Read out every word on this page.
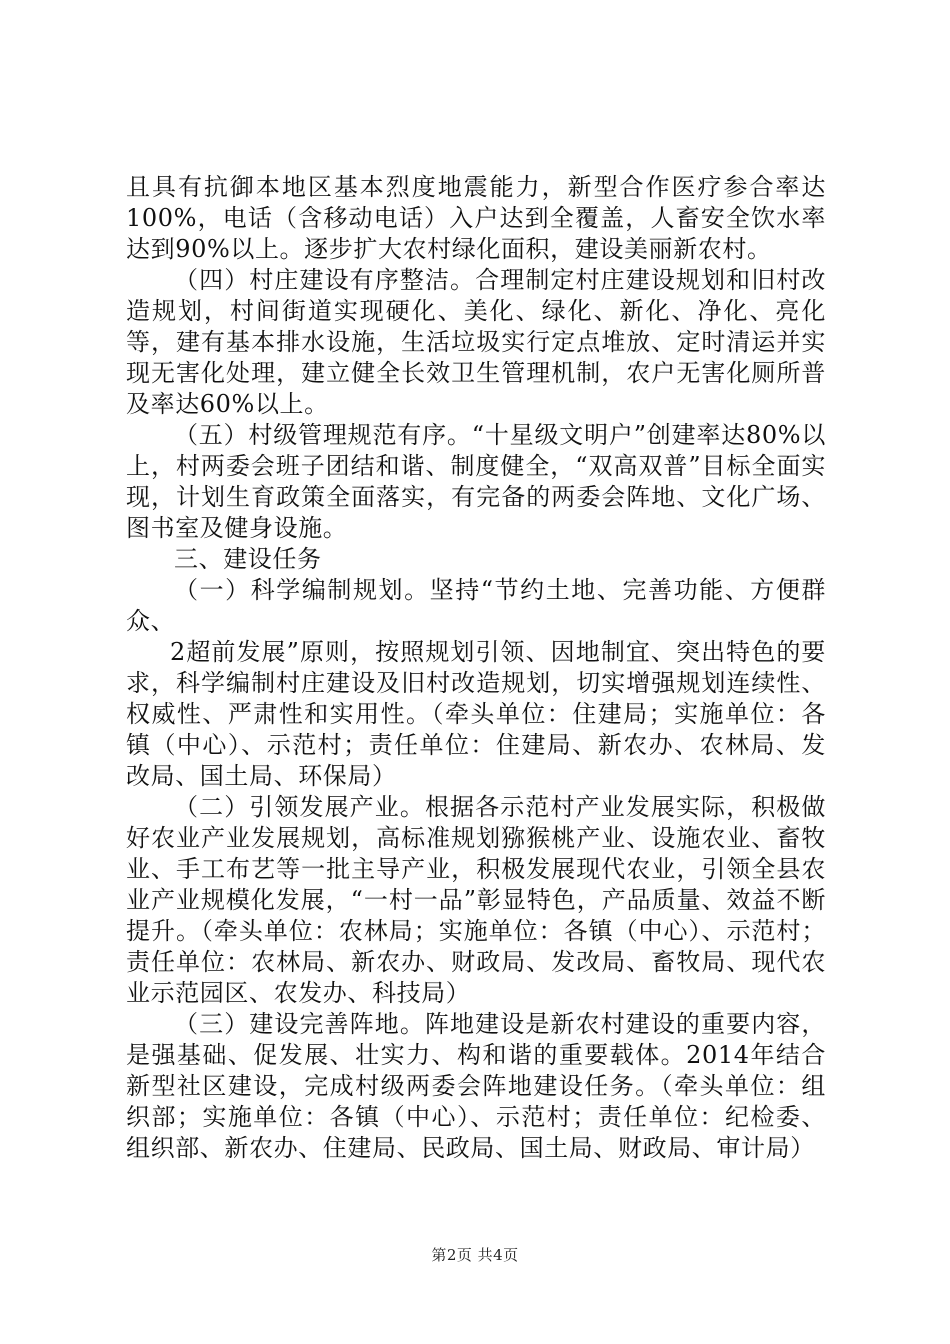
且具有抗御本地区基本烈度地震能力，新型合作医疗参合率达100%，电话（含移动电话）入户达到全覆盖，人畜安全饮水率达到90%以上。逐步扩大农村绿化面积，建设美丽新农村。

（四）村庄建设有序整洁。合理制定村庄建设规划和旧村改造规划，村间街道实现硬化、美化、绿化、新化、净化、亮化等，建有基本排水设施，生活垃圾实行定点堆放、定时清运并实现无害化处理，建立健全长效卫生管理机制，农户无害化厕所普及率达60%以上。

（五）村级管理规范有序。“十星级文明户”创建率达80%以上，村两委会班子团结和谐、制度健全，“双高双普”目标全面实现，计划生育政策全面落实，有完备的两委会阵地、文化广场、图书室及健身设施。

三、建设任务

（一）科学编制规划。坚持“节约土地、完善功能、方便群众、

2超前发展”原则，按照规划引领、因地制宜、突出特色的要求，科学编制村庄建设及旧村改造规划，切实增强规划连续性、权威性、严肃性和实用性。（牵头单位：住建局；实施单位：各镇（中心）、示范村；责任单位：住建局、新农办、农林局、发改局、国土局、环保局）

（二）引领发展产业。根据各示范村产业发展实际，积极做好农业产业发展规划，高标准规划猕猴桃产业、设施农业、畜牧业、手工布艺等一批主导产业，积极发展现代农业，引领全县农业产业规模化发展，“一村一品”彰显特色，产品质量、效益不断提升。（牵头单位：农林局；实施单位：各镇（中心）、示范村；责任单位：农林局、新农办、财政局、发改局、畜牧局、现代农业示范园区、农发办、科技局）

（三）建设完善阵地。阵地建设是新农村建设的重要内容，是强基础、促发展、壮实力、构和谐的重要载体。2014年结合新型社区建设，完成村级两委会阵地建设任务。（牵头单位：组织部；实施单位：各镇（中心）、示范村；责任单位：纪检委、组织部、新农办、住建局、民政局、国土局、财政局、审计局）

第2页 共4页
